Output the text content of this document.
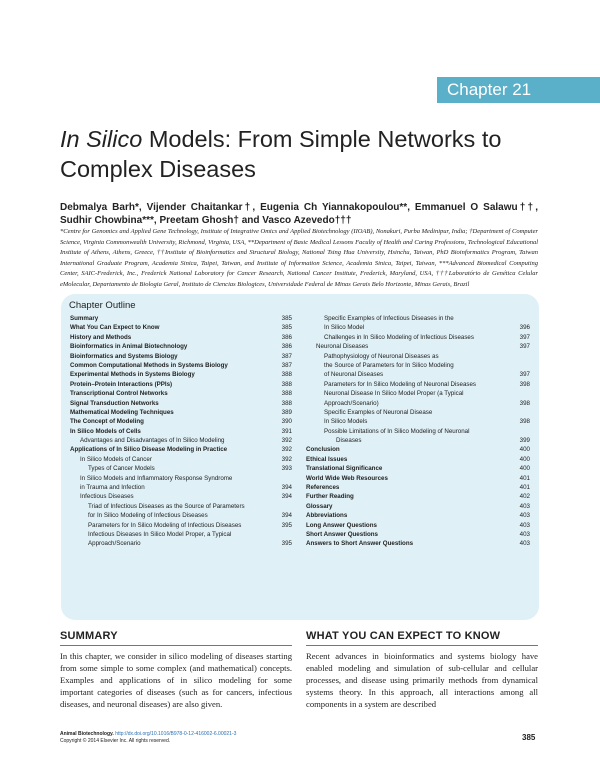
Chapter 21
In Silico Models: From Simple Networks to Complex Diseases
Debmalya Barh*, Vijender Chaitankar†, Eugenia Ch Yiannakopoulou**, Emmanuel O Salawu††, Sudhir Chowbina***, Preetam Ghosh† and Vasco Azevedo†††
*Centre for Genomics and Applied Gene Technology, Institute of Integrative Omics and Applied Biotechnology (IIOAB), Nonakuri, Purba Medinipur, India; †Department of Computer Science, Virginia Commonwealth University, Richmond, Virginia, USA, **Department of Basic Medical Lessons Faculty of Health and Caring Professions, Technological Educational Institute of Athens, Athens, Greece, ††Institute of Bioinformatics and Structural Biology, National Tsing Hua University, Hsinchu, Taiwan, PhD Bioinformatics Program, Taiwan International Graduate Program, Academia Sinica, Taipei, Taiwan, and Institute of Information Science, Academia Sinica, Taipei, Taiwan, ***Advanced Biomedical Computing Center, SAIC-Frederick, Inc., Frederick National Laboratory for Cancer Research, National Cancer Institute, Frederick, Maryland, USA, †††Laboratório de Genética Celular eMolecular, Departamento de Biologia Geral, Instituto de Ciencias Biologices, Universidade Federal de Minas Gerais Belo Horizonte, Minas Gerais, Brazil
Chapter Outline
Summary	385
What You Can Expect to Know	385
History and Methods	386
Bioinformatics in Animal Biotechnology	386
Bioinformatics and Systems Biology	387
Common Computational Methods in Systems Biology	387
Experimental Methods in Systems Biology	388
Protein–Protein Interactions (PPIs)	388
Transcriptional Control Networks	388
Signal Transduction Networks	388
Mathematical Modeling Techniques	389
The Concept of Modeling	390
In Silico Models of Cells	391
Advantages and Disadvantages of In Silico Modeling	392
Applications of In Silico Disease Modeling in Practice	392
In Silico Models of Cancer	392
Types of Cancer Models	393
In Silico Models and Inflammatory Response Syndrome
in Trauma and Infection	394
Infectious Diseases	394
Triad of Infectious Diseases as the Source of Parameters
for In Silico Modeling of Infectious Diseases	394
Parameters for In Silico Modeling of Infectious Diseases	395
Infectious Diseases In Silico Model Proper, a Typical
Approach/Scenario	395
Specific Examples of Infectious Diseases in the
In Silico Model	396
Challenges in In Silico Modeling of Infectious Diseases	397
Neuronal Diseases	397
Pathophysiology of Neuronal Diseases as
the Source of Parameters for In Silico Modeling
of Neuronal Diseases	397
Parameters for In Silico Modeling of Neuronal Diseases	398
Neuronal Disease In Silico Model Proper (a Typical
Approach/Scenario)	398
Specific Examples of Neuronal Disease
In Silico Models	398
Possible Limitations of In Silico Modeling of Neuronal
Diseases	399
Conclusion	400
Ethical Issues	400
Translational Significance	400
World Wide Web Resources	401
References	401
Further Reading	402
Glossary	403
Abbreviations	403
Long Answer Questions	403
Short Answer Questions	403
Answers to Short Answer Questions	403
SUMMARY
In this chapter, we consider in silico modeling of diseases starting from some simple to some complex (and mathematical) concepts. Examples and applications of in silico modeling for some important categories of diseases (such as for cancers, infectious diseases, and neuronal diseases) are also given.
WHAT YOU CAN EXPECT TO KNOW
Recent advances in bioinformatics and systems biology have enabled modeling and simulation of sub-cellular and cellular processes, and disease using primarily methods from dynamical systems theory. In this approach, all interactions among all components in a system are described
Animal Biotechnology. http://dx.doi.org/10.1016/B978-0-12-416002-6.00021-3
Copyright © 2014 Elsevier Inc. All rights reserved.	385
